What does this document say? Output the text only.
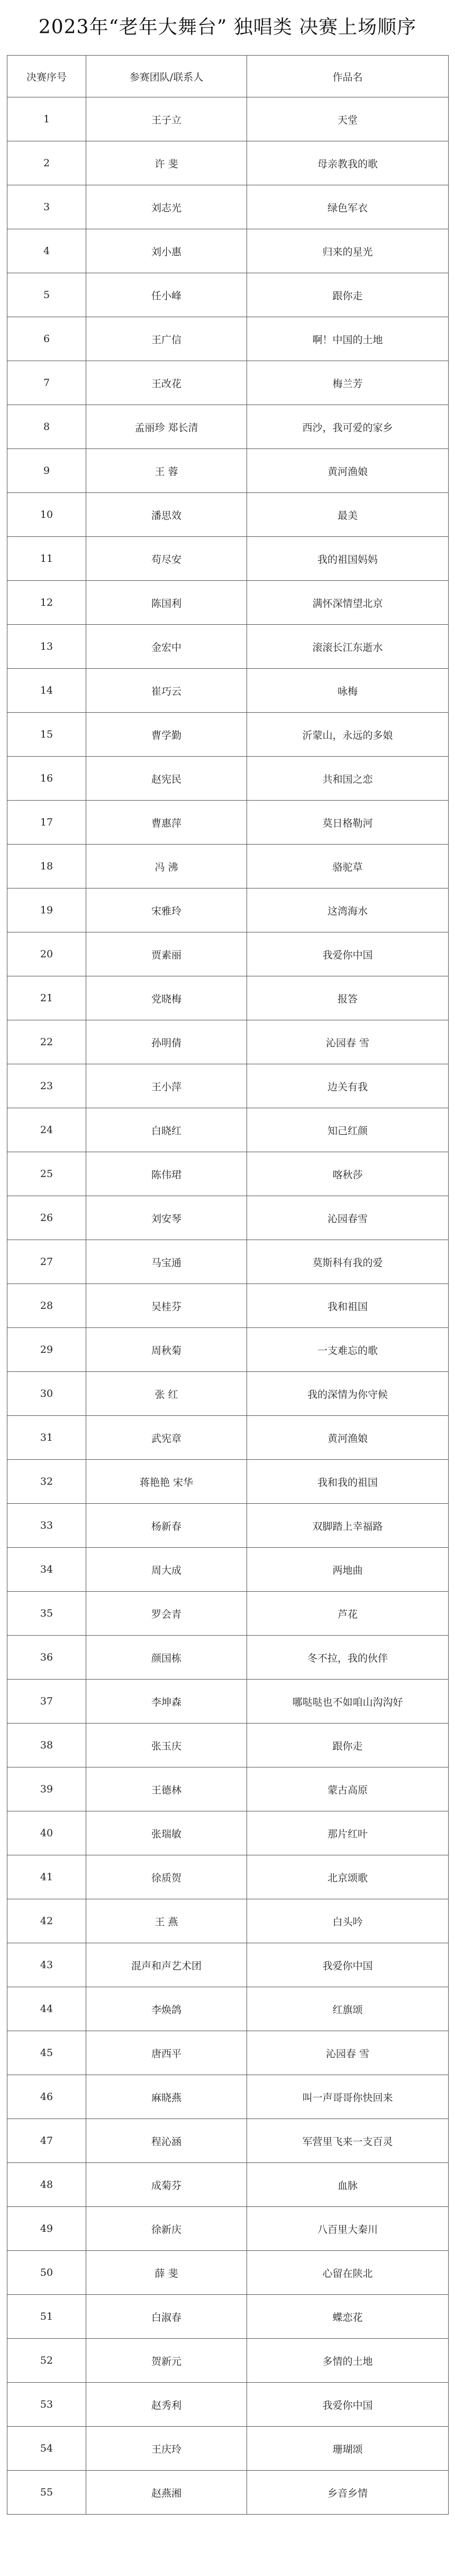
2023年“老年大舞台” 独唱类 决赛上场顺序
决赛序号	参赛团队/联系人	作品名
1	王子立	天堂
2	许 斐	母亲教我的歌
3	刘志光	绿色军衣
4	刘小惠	归来的星光
5	任小峰	跟你走
6	王广信	啊！中国的土地
7	王改花	梅兰芳
8	孟丽珍 郑长清	西沙，我可爱的家乡
9	王 蓉	黄河渔娘
10	潘思效	最美
11	苟尽安	我的祖国妈妈
12	陈国利	满怀深情望北京
13	金宏中	滚滚长江东逝水
14	崔巧云	咏梅
15	曹学勤	沂蒙山，永远的多娘
16	赵宪民	共和国之恋
17	曹惠萍	莫日格勒河
18	冯 沸	骆驼草
19	宋雅玲	这湾海水
20	贾素丽	我爱你中国
21	党晓梅	报答
22	孙明倩	沁园春 雪
23	王小萍	边关有我
24	白晓红	知己红颜
25	陈伟珺	喀秋莎
26	刘安琴	沁园春雪
27	马宝通	莫斯科有我的爱
28	吴桂芬	我和祖国
29	周秋菊	一支难忘的歌
30	张 红	我的深情为你守候
31	武宪章	黄河渔娘
32	蒋艳艳 宋华	我和我的祖国
33	杨新春	双脚踏上幸福路
34	周大成	两地曲
35	罗会青	芦花
36	颜国栋	冬不拉，我的伙伴
37	李坤森	哪哒哒也不如咱山沟沟好
38	张玉庆	跟你走
39	王德林	蒙古高原
40	张瑞敏	那片红叶
41	徐质贺	北京颂歌
42	王 燕	白头吟
43	混声和声艺术团	我爱你中国
44	李焕鸽	红旗颂
45	唐西平	沁园春 雪
46	麻晓燕	叫一声哥哥你快回来
47	程沁涵	军营里飞来一支百灵
48	成菊芬	血脉
49	徐新庆	八百里大秦川
50	薛 斐	心留在陕北
51	白淑春	蝶恋花
52	贺新元	多情的土地
53	赵秀利	我爱你中国
54	王庆玲	珊瑚颂
55	赵燕湘	乡音乡情
